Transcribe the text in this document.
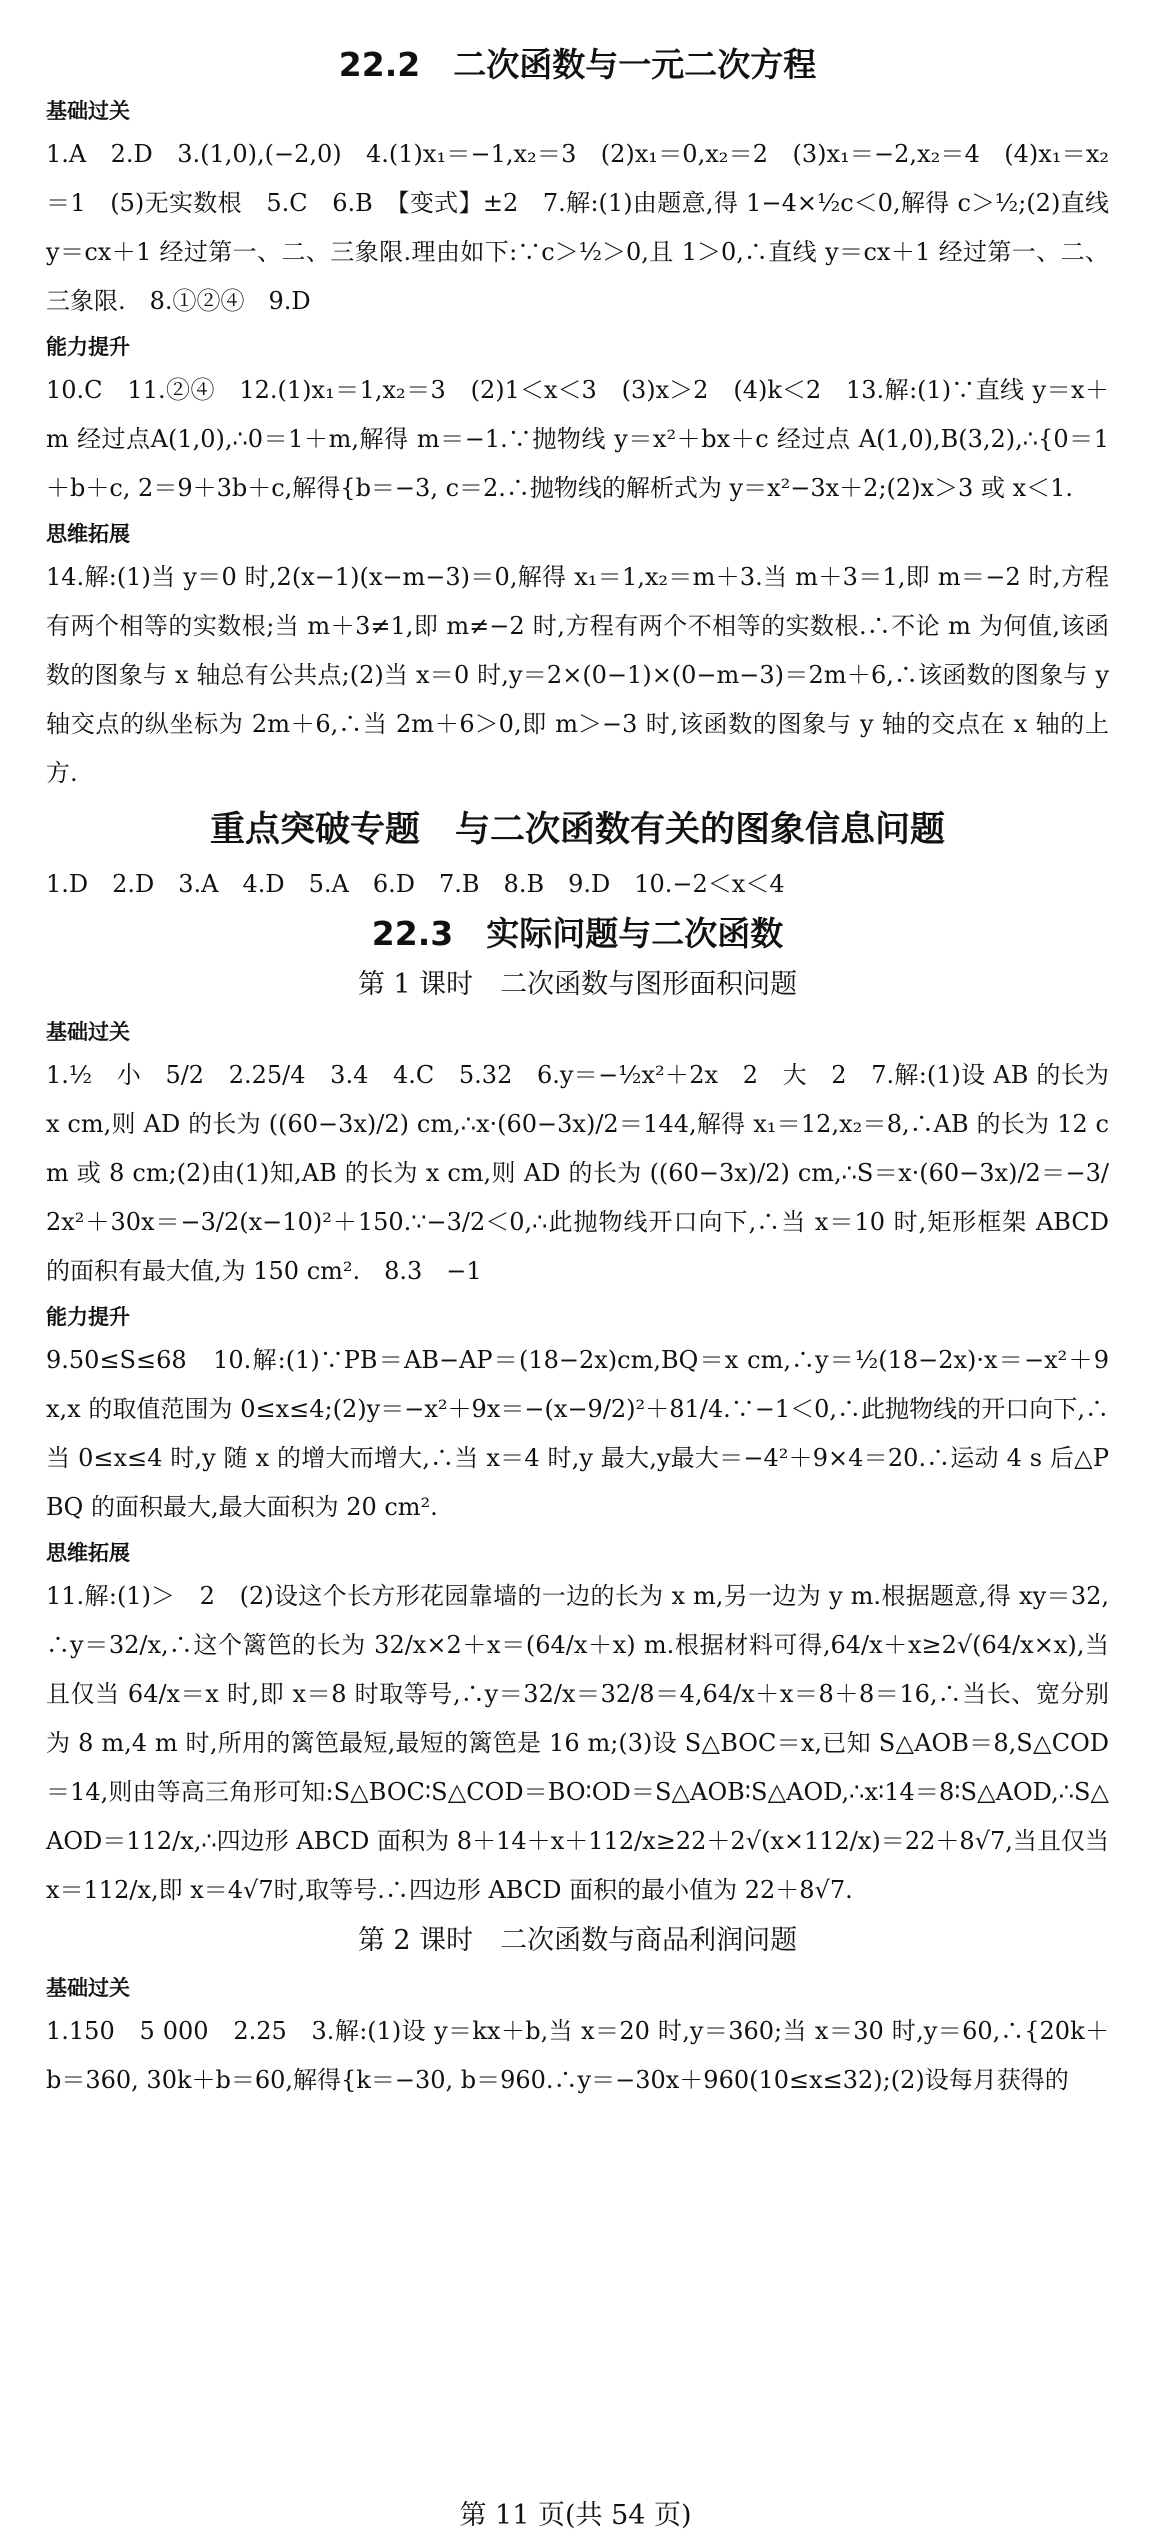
22.2　二次函数与一元二次方程
基础过关

1.A　2.D　3.(1,0),(−2,0)　4.(1)x₁＝−1,x₂＝3　(2)x₁＝0,x₂＝2　(3)x₁＝−2,x₂＝4　(4)x₁＝x₂＝1　(5)无实数根　5.C　6.B　【变式】±2　7.解:(1)由题意,得 1−4×½c＜0,解得 c＞½;(2)直线 y＝cx＋1 经过第一、二、三象限.理由如下:∵c＞½＞0,且 1＞0,∴直线 y＝cx＋1 经过第一、二、三象限.　8.①②④　9.D

能力提升

10.C　11.②④　12.(1)x₁＝1,x₂＝3　(2)1＜x＜3　(3)x＞2　(4)k＜2　13.解:(1)∵直线 y＝x＋m 经过点A(1,0),∴0＝1＋m,解得 m＝−1.∵抛物线 y＝x²＋bx＋c 经过点 A(1,0),B(3,2),∴{0＝1＋b＋c, 2＝9＋3b＋c,解得{b＝−3, c＝2.∴抛物线的解析式为 y＝x²−3x＋2;(2)x＞3 或 x＜1.

思维拓展

14.解:(1)当 y＝0 时,2(x−1)(x−m−3)＝0,解得 x₁＝1,x₂＝m＋3.当 m＋3＝1,即 m＝−2 时,方程有两个相等的实数根;当 m＋3≠1,即 m≠−2 时,方程有两个不相等的实数根.∴不论 m 为何值,该函数的图象与 x 轴总有公共点;(2)当 x＝0 时,y＝2×(0−1)×(0−m−3)＝2m＋6,∴该函数的图象与 y 轴交点的纵坐标为 2m＋6,∴当 2m＋6＞0,即 m＞−3 时,该函数的图象与 y 轴的交点在 x 轴的上方.

重点突破专题　与二次函数有关的图象信息问题

1.D　2.D　3.A　4.D　5.A　6.D　7.B　8.B　9.D　10.−2＜x＜4

22.3　实际问题与二次函数
第 1 课时　二次函数与图形面积问题
基础过关

1.½　小　5/2　2.25/4　3.4　4.C　5.32　6.y＝−½x²＋2x　2　大　2　7.解:(1)设 AB 的长为 x cm,则 AD 的长为 ((60−3x)/2) cm,∴x·(60−3x)/2＝144,解得 x₁＝12,x₂＝8,∴AB 的长为 12 cm 或 8 cm;(2)由(1)知,AB 的长为 x cm,则 AD 的长为 ((60−3x)/2) cm,∴S＝x·(60−3x)/2＝−3/2x²＋30x＝−3/2(x−10)²＋150.∵−3/2＜0,∴此抛物线开口向下,∴当 x＝10 时,矩形框架 ABCD 的面积有最大值,为 150 cm².　8.3　−1

能力提升

9.50≤S≤68　10.解:(1)∵PB＝AB−AP＝(18−2x)cm,BQ＝x cm,∴y＝½(18−2x)·x＝−x²＋9x,x 的取值范围为 0≤x≤4;(2)y＝−x²＋9x＝−(x−9/2)²＋81/4.∵−1＜0,∴此抛物线的开口向下,∴当 0≤x≤4 时,y 随 x 的增大而增大,∴当 x＝4 时,y 最大,y最大＝−4²＋9×4＝20.∴运动 4 s 后△PBQ 的面积最大,最大面积为 20 cm².

思维拓展

11.解:(1)＞　2　(2)设这个长方形花园靠墙的一边的长为 x m,另一边为 y m.根据题意,得 xy＝32,∴y＝32/x,∴这个篱笆的长为 32/x×2＋x＝(64/x＋x) m.根据材料可得,64/x＋x≥2√(64/x×x),当且仅当 64/x＝x 时,即 x＝8 时取等号,∴y＝32/x＝32/8＝4,64/x＋x＝8＋8＝16,∴当长、宽分别为 8 m,4 m 时,所用的篱笆最短,最短的篱笆是 16 m;(3)设 S△BOC＝x,已知 S△AOB＝8,S△COD＝14,则由等高三角形可知:S△BOC∶S△COD＝BO∶OD＝S△AOB∶S△AOD,∴x∶14＝8∶S△AOD,∴S△AOD＝112/x,∴四边形 ABCD 面积为 8＋14＋x＋112/x≥22＋2√(x×112/x)＝22＋8√7,当且仅当 x＝112/x,即 x＝4√7时,取等号.∴四边形 ABCD 面积的最小值为 22＋8√7.

第 2 课时　二次函数与商品利润问题
基础过关

1.150　5 000　2.25　3.解:(1)设 y＝kx＋b,当 x＝20 时,y＝360;当 x＝30 时,y＝60,∴{20k＋b＝360, 30k＋b＝60,解得{k＝−30, b＝960.∴y＝−30x＋960(10≤x≤32);(2)设每月获得的

第 11 页(共 54 页)
